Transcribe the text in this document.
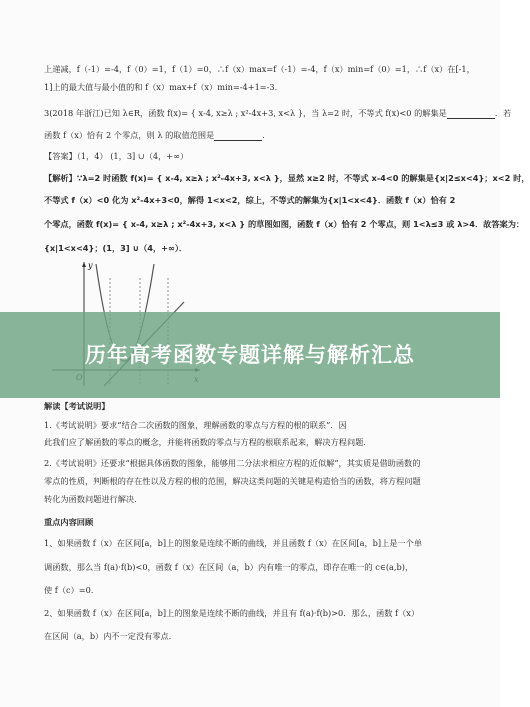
上递减，f（-1）=-4，f（0）=1，f（1）=0，∴f（x）max=f（-1）=-4，f（x）min=f（0）=1，∴f（x）在[-1，
1]上的最大值与最小值的和 f（x）max+f（x）min=-4+1=-3.
3(2018 年浙江)已知 λ∈R，函数 f(x)= { x-4, x≥λ ; x²-4x+3, x<λ }，当 λ=2 时，不等式 f(x)<0 的解集是	．若
函数 f（x）恰有 2 个零点，则 λ 的取值范围是	．
【答案】（1，4） (1，3] ∪（4，+∞）
【解析】∵λ=2 时函数 f(x)= { x-4, x≥λ ; x²-4x+3, x<λ }，显然 x≥2 时，不等式 x-4<0 的解集是{x|2≤x<4}；x<2 时，
不等式 f（x）<0 化为 x²-4x+3<0，解得 1<x<2，综上，不等式的解集为{x|1<x<4}．函数 f（x）恰有 2
个零点，函数 f(x)= { x-4, x≥λ ; x²-4x+3, x<λ } 的草图如图，函数 f（x）恰有 2 个零点，则 1<λ≤3 或 λ>4．故答案为：
{x|1<x<4}；(1，3] ∪（4，+∞）．
y
解读【考试说明】
1.《考试说明》要求“结合二次函数的图象，理解函数的零点与方程的根的联系”．因
此我们应了解函数的零点的概念，并能将函数的零点与方程的根联系起来，解决方程问题．
2.《考试说明》还要求“根据具体函数的图象，能够用二分法求相应方程的近似解”，其实质是借助函数的
零点的性质，判断根的存在性以及方程的根的范围，解决这类问题的关键是构造恰当的函数，将方程问题
转化为函数问题进行解决．
重点内容回顾
1、如果函数 f（x）在区间[a，b]上的图象是连续不断的曲线，并且函数 f（x）在区间[a，b]上是一个单
调函数，那么当 f(a)·f(b)<0，函数 f（x）在区间（a，b）内有唯一的零点，即存在唯一的 c∈(a,b)，
使 f（c）=0．
2、如果函数 f（x）在区间[a，b]上的图象是连续不断的曲线，并且有 f(a)·f(b)>0．那么，函数 f（x）
在区间（a，b）内不一定没有零点．
历年高考函数专题详解与解析汇总
